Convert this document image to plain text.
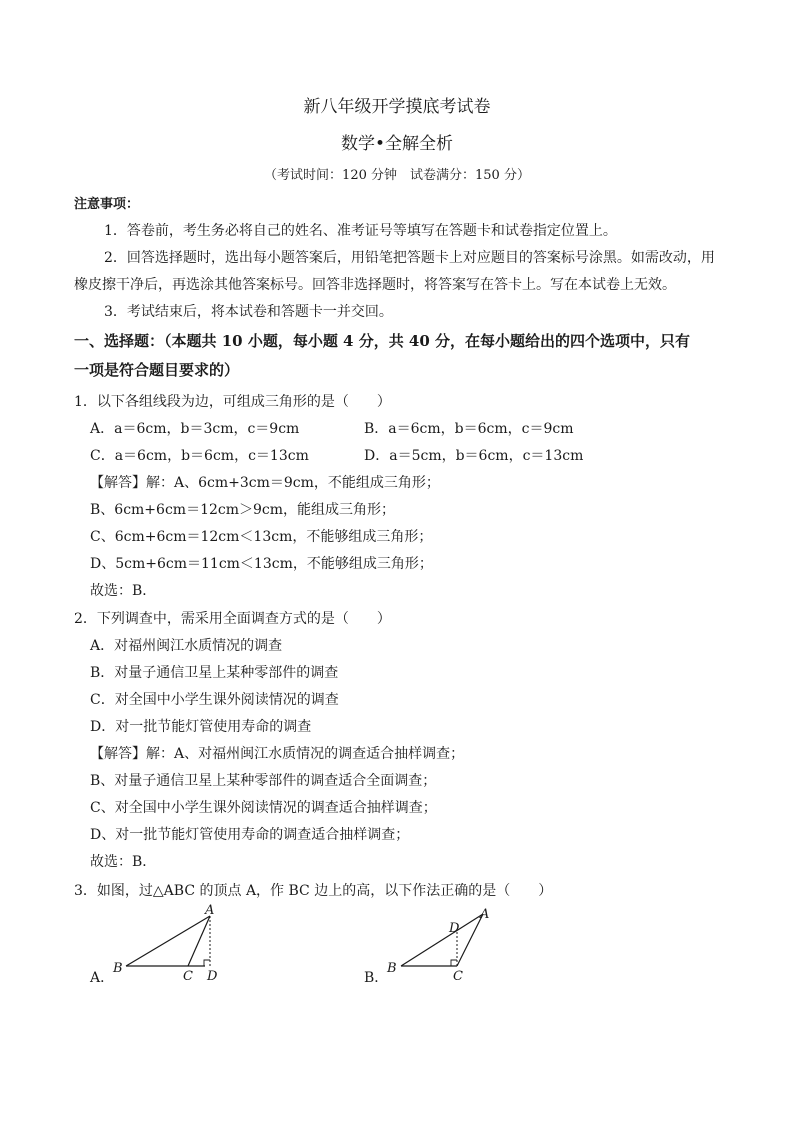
新八年级开学摸底考试卷
数学•全解全析
（考试时间：120 分钟　试卷满分：150 分）
注意事项：
1．答卷前，考生务必将自己的姓名、准考证号等填写在答题卡和试卷指定位置上。
2．回答选择题时，选出每小题答案后，用铅笔把答题卡上对应题目的答案标号涂黑。如需改动，用
橡皮擦干净后，再选涂其他答案标号。回答非选择题时，将答案写在答卡上。写在本试卷上无效。
3．考试结束后，将本试卷和答题卡一并交回。
一、选择题：（本题共 10 小题，每小题 4 分，共 40 分，在每小题给出的四个选项中，只有
一项是符合题目要求的）
1．以下各组线段为边，可组成三角形的是（　　）
A．a＝6cm，b＝3cm，c＝9cm	B．a＝6cm，b＝6cm，c＝9cm
C．a＝6cm，b＝6cm，c＝13cm	D．a＝5cm，b＝6cm，c＝13cm
【解答】解：A、6cm+3cm＝9cm，不能组成三角形；
B、6cm+6cm＝12cm＞9cm，能组成三角形；
C、6cm+6cm＝12cm＜13cm，不能够组成三角形；
D、5cm+6cm＝11cm＜13cm，不能够组成三角形；
故选：B．
2．下列调查中，需采用全面调查方式的是（　　）
A．对福州闽江水质情况的调查
B．对量子通信卫星上某种零部件的调查
C．对全国中小学生课外阅读情况的调查
D．对一批节能灯管使用寿命的调查
【解答】解：A、对福州闽江水质情况的调查适合抽样调查；
B、对量子通信卫星上某种零部件的调查适合全面调查；
C、对全国中小学生课外阅读情况的调查适合抽样调查；
D、对一批节能灯管使用寿命的调查适合抽样调查；
故选：B．
3．如图，过△ABC 的顶点 A，作 BC 边上的高，以下作法正确的是（　　）
A．
A
B
C D	B．
A
B
C
D
